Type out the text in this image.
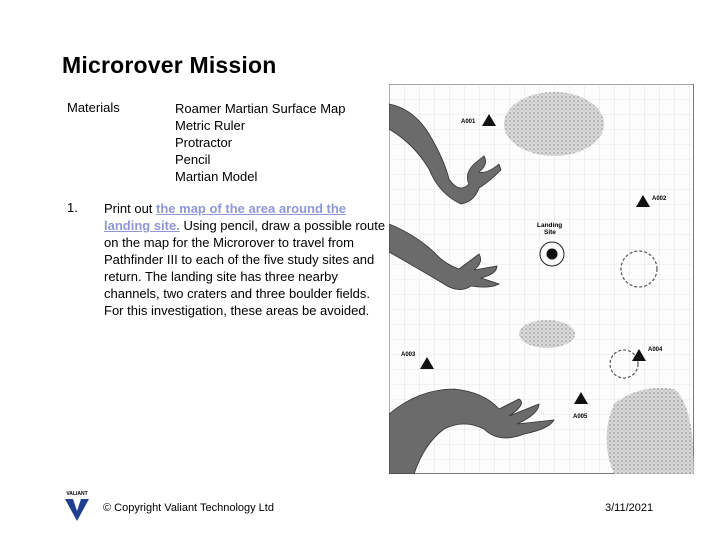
Microrover Mission
Materials	Roamer Martian Surface Map
Metric Ruler
Protractor
Pencil
Martian Model
1. Print out the map of the area around the landing site. Using pencil, draw a possible route on the map for the Microrover to travel from Pathfinder III to each of the five study sites and return. The landing site has three nearby channels, two craters and three boulder fields. For this investigation, these areas be avoided.
Landing
Site
A001
A002
A003
A004
A005
VALIANT
© Copyright Valiant Technology Ltd	3/11/2021
